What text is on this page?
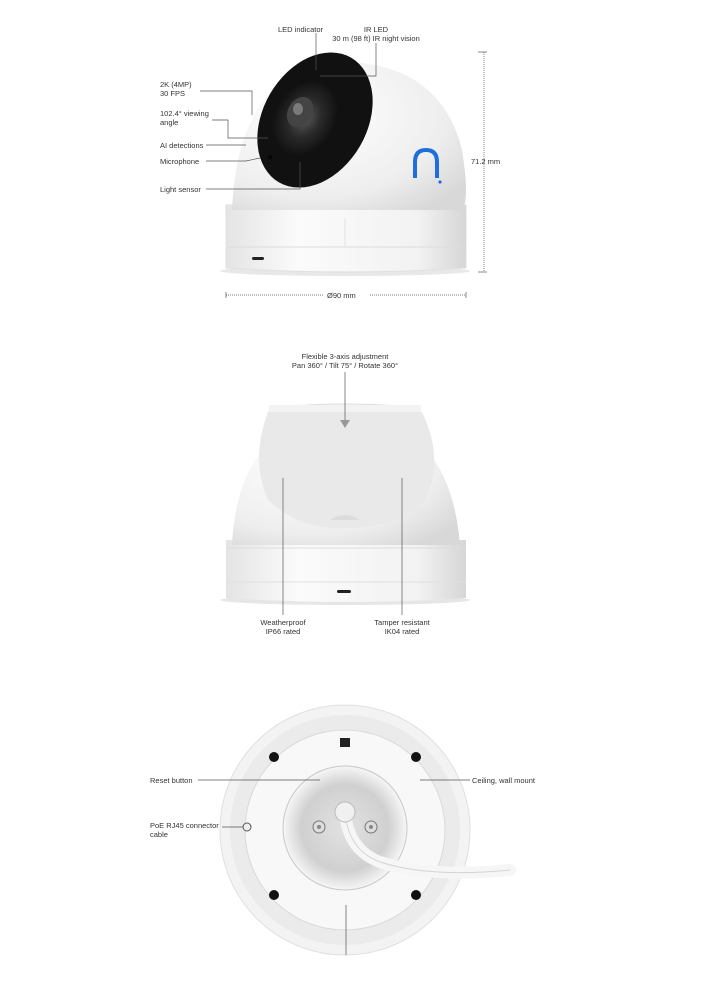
LED indicator	IR LED
30 m (98 ft) IR night vision
2K (4MP)
30 FPS
102.4° viewing
angle
AI detections
Microphone
Light sensor
71.2 mm
Ø90 mm
Flexible 3-axis adjustment
Pan 360° / Tilt 75° / Rotate 360°
Weatherproof
IP66 rated
Tamper resistant
IK04 rated
Reset button	Ceiling, wall mount
PoE RJ45 connector
cable
